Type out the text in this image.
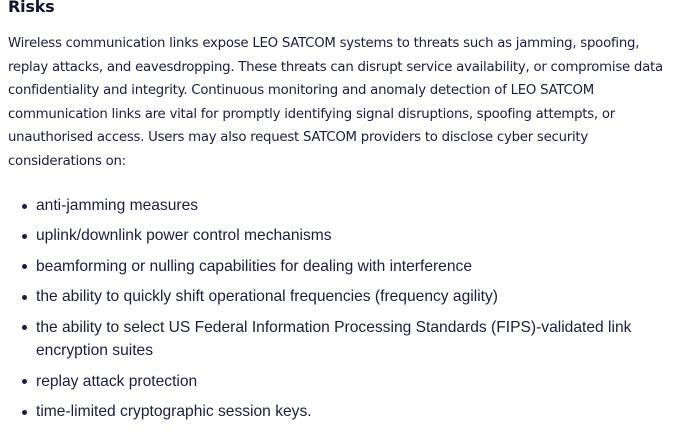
Risks

Wireless communication links expose LEO SATCOM systems to threats such as jamming, spoofing, replay attacks, and eavesdropping. These threats can disrupt service availability, or compromise data confidentiality and integrity. Continuous monitoring and anomaly detection of LEO SATCOM communication links are vital for promptly identifying signal disruptions, spoofing attempts, or unauthorised access. Users may also request SATCOM providers to disclose cyber security considerations on:

anti-jamming measures
uplink/downlink power control mechanisms
beamforming or nulling capabilities for dealing with interference
the ability to quickly shift operational frequencies (frequency agility)
the ability to select US Federal Information Processing Standards (FIPS)-validated link encryption suites
replay attack protection
time-limited cryptographic session keys.
